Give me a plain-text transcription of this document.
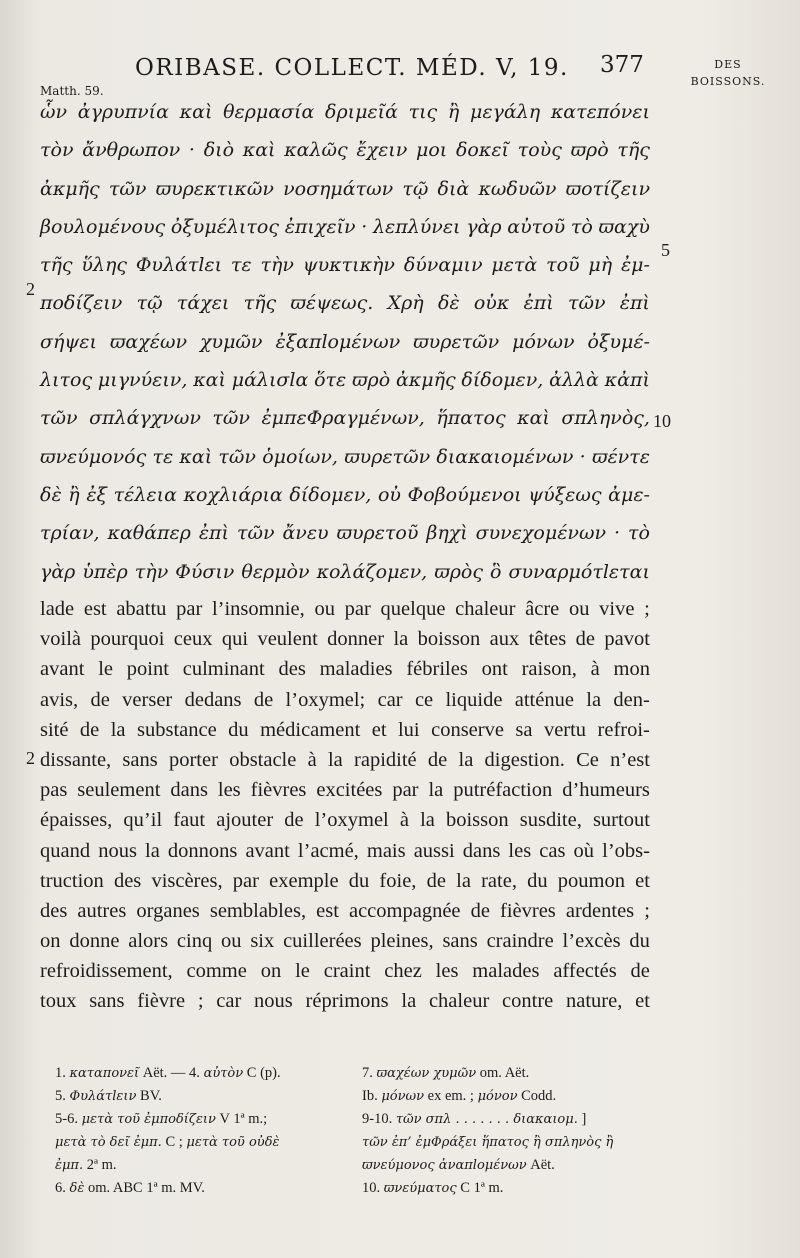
ORIBASE. COLLECT. MÉD. V, 19. 377	DES
BOISSONS.
Matth. 59.
ὧν ἀγρυπνία καὶ θερμασία δριμεῖά τις ἢ μεγάλη κατεπόνει
τὸν ἄνθρωπον · διὸ καὶ καλῶς ἔχειν μοι δοκεῖ τοὺς ϖρὸ τῆς
ἀκμῆς τῶν ϖυρεκτικῶν νοσημάτων τῷ διὰ κωδυῶν ϖοτίζειν
βουλομένους ὀξυμέλιτος ἐπιχεῖν · λεπλύνει γὰρ αὐτοῦ τὸ ϖαχὺ
τῆς ὕλης Φυλάτlει τε τὴν ψυκτικὴν δύναμιν μετὰ τοῦ μὴ ἐμ-
ποδίζειν τῷ τάχει τῆς ϖέψεως. Χρὴ δὲ οὐκ ἐπὶ τῶν ἐπὶ
σήψει ϖαχέων χυμῶν ἐξαπlομένων ϖυρετῶν μόνων ὀξυμέ-
λιτος μιγνύειν, καὶ μάλισlα ὅτε ϖρὸ ἀκμῆς δίδομεν, ἀλλὰ κἀπὶ
τῶν σπλάγχνων τῶν ἐμπεΦραγμένων, ἥπατος καὶ σπληνὸς,
ϖνεύμονός τε καὶ τῶν ὁμοίων, ϖυρετῶν διακαιομένων · ϖέντε
δὲ ἢ ἐξ τέλεια κοχλιάρια δίδομεν, οὐ Φοβούμενοι ψύξεως ἀμε-
τρίαν, καθάπερ ἐπὶ τῶν ἄνευ ϖυρετοῦ βηχὶ συνεχομένων · τὸ
γὰρ ὑπὲρ τὴν Φύσιν θερμὸν κολάζομεν, ϖρὸς ὃ συναρμότlεται
5
2
10
lade est abattu par l’insomnie, ou par quelque chaleur âcre ou vive ;
voilà pourquoi ceux qui veulent donner la boisson aux têtes de pavot
avant le point culminant des maladies fébriles ont raison, à mon
avis, de verser dedans de l’oxymel; car ce liquide atténue la den-
sité de la substance du médicament et lui conserve sa vertu refroi-
dissante, sans porter obstacle à la rapidité de la digestion. Ce n’est
pas seulement dans les fièvres excitées par la putréfaction d’humeurs
épaisses, qu’il faut ajouter de l’oxymel à la boisson susdite, surtout
quand nous la donnons avant l’acmé, mais aussi dans les cas où l’obs-
truction des viscères, par exemple du foie, de la rate, du poumon et
des autres organes semblables, est accompagnée de fièvres ardentes ;
on donne alors cinq ou six cuillerées pleines, sans craindre l’excès du
refroidissement, comme on le craint chez les malades affectés de
toux sans fièvre ; car nous réprimons la chaleur contre nature, et
2
1. καταπονεῖ Aët. — 4. αὐτὸν C (p).
5. Φυλάτlειν BV.
5-6. μετὰ τοῦ ἐμποδίζειν V 1ª m.;
μετὰ τὸ δεῖ ἐμπ. C ; μετὰ τοῦ οὐδὲ
ἐμπ. 2ª m.
6. δὲ om. ABC 1ª m. MV.
7. ϖαχέων χυμῶν om. Aët.
Ib. μόνων ex em. ; μόνον Codd.
9-10. τῶν σπλ . . . . . . . διακαιομ. ]
τῶν ἐπ’ ἐμΦράξει ἥπατος ἢ σπληνὸς ἢ
ϖνεύμονος ἀναπlομένων Aët.
10. ϖνεύματος C 1ª m.
